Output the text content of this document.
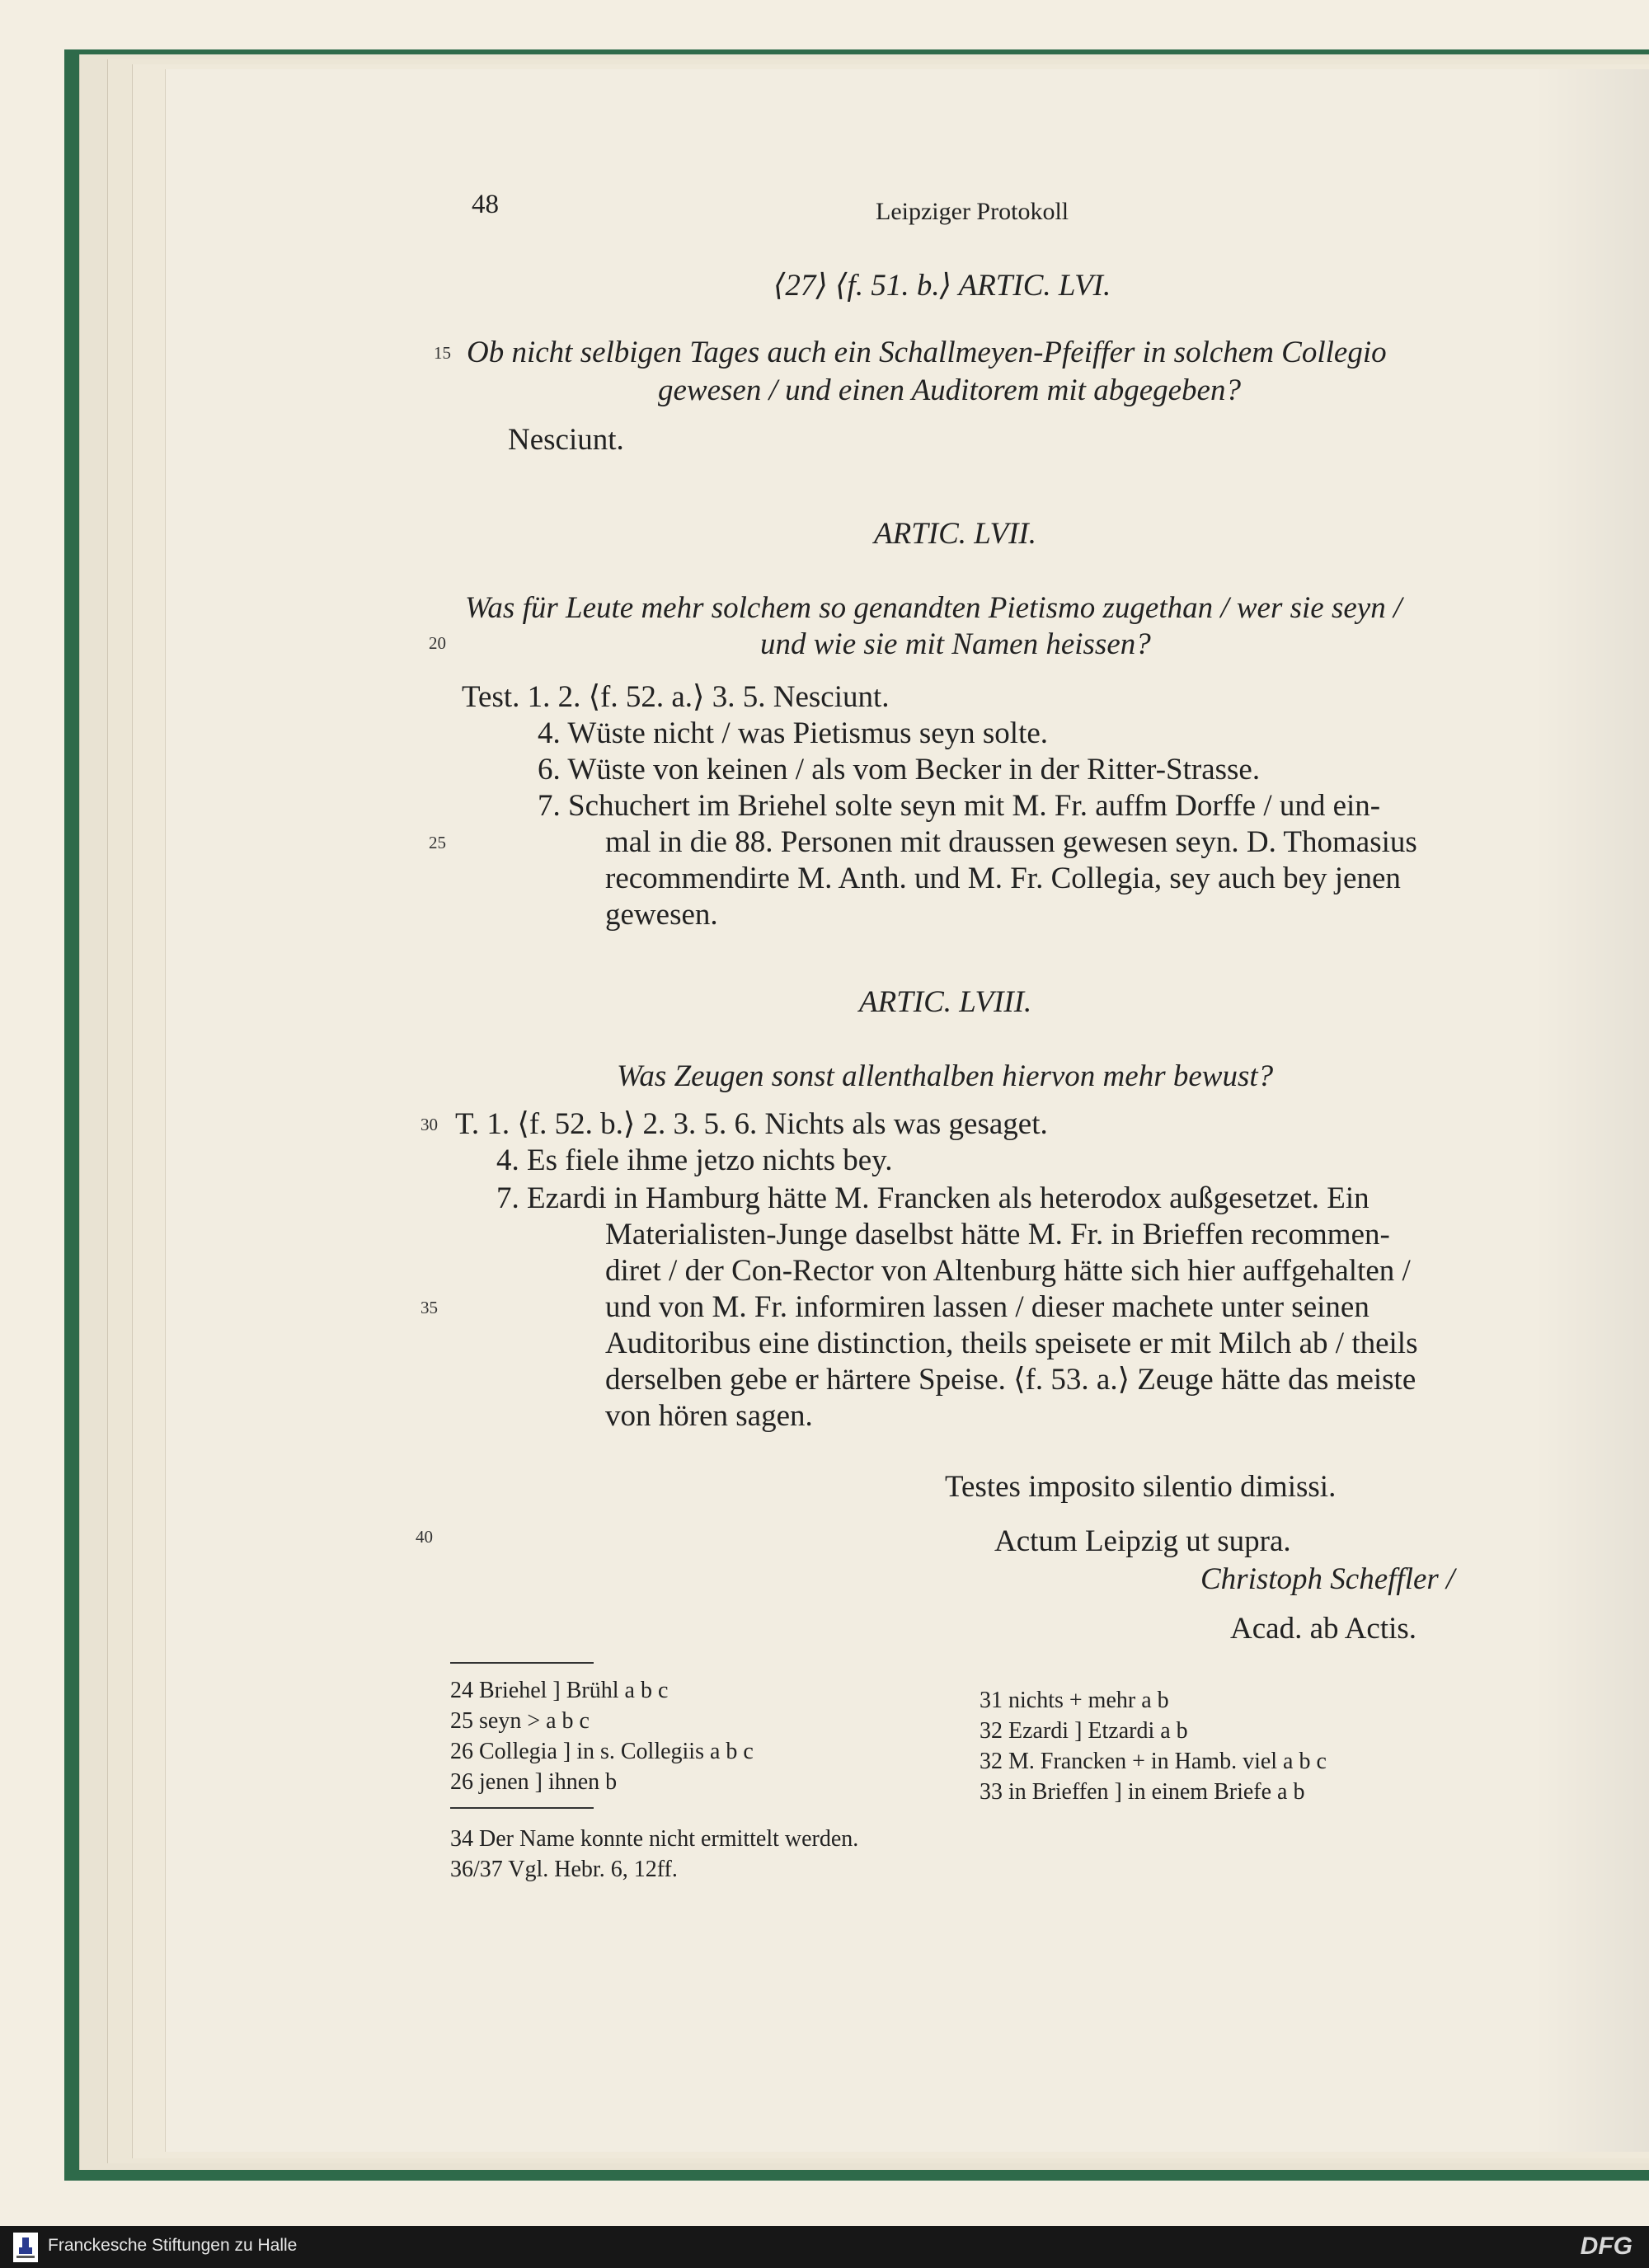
48	Leipziger Protokoll
⟨27⟩ ⟨f. 51. b.⟩ ARTIC. LVI.
15 Ob nicht selbigen Tages auch ein Schallmeyen-Pfeiffer in solchem Collegio
gewesen / und einen Auditorem mit abgegeben?
Nesciunt.
ARTIC. LVII.
Was für Leute mehr solchem so genandten Pietismo zugethan / wer sie seyn /
20	und wie sie mit Namen heissen?
Test. 1. 2. ⟨f. 52. a.⟩ 3. 5. Nesciunt.
4. Wüste nicht / was Pietismus seyn solte.
6. Wüste von keinen / als vom Becker in der Ritter-Strasse.
7. Schuchert im Briehel solte seyn mit M. Fr. auffm Dorffe / und ein-
25	mal in die 88. Personen mit draussen gewesen seyn. D. Thomasius
recommendirte M. Anth. und M. Fr. Collegia, sey auch bey jenen
gewesen.
ARTIC. LVIII.
Was Zeugen sonst allenthalben hiervon mehr bewust?
30 T. 1. ⟨f. 52. b.⟩ 2. 3. 5. 6. Nichts als was gesaget.
4. Es fiele ihme jetzo nichts bey.
7. Ezardi in Hamburg hätte M. Francken als heterodox außgesetzet. Ein
Materialisten-Junge daselbst hätte M. Fr. in Brieffen recommen-
diret / der Con-Rector von Altenburg hätte sich hier auffgehalten /
35	und von M. Fr. informiren lassen / dieser machete unter seinen
Auditoribus eine distinction, theils speisete er mit Milch ab / theils
derselben gebe er härtere Speise. ⟨f. 53. a.⟩ Zeuge hätte das meiste
von hören sagen.
Testes imposito silentio dimissi.
40	Actum Leipzig ut supra.
Christoph Scheffler /
Acad. ab Actis.
24 Briehel ] Brühl a b c
25 seyn > a b c
26 Collegia ] in s. Collegiis a b c
26 jenen ] ihnen b
31 nichts + mehr a b
32 Ezardi ] Etzardi a b
32 M. Francken + in Hamb. viel a b c
33 in Brieffen ] in einem Briefe a b
34 Der Name konnte nicht ermittelt werden.
36/37 Vgl. Hebr. 6, 12ff.
Franckesche Stiftungen zu Halle	DFG
